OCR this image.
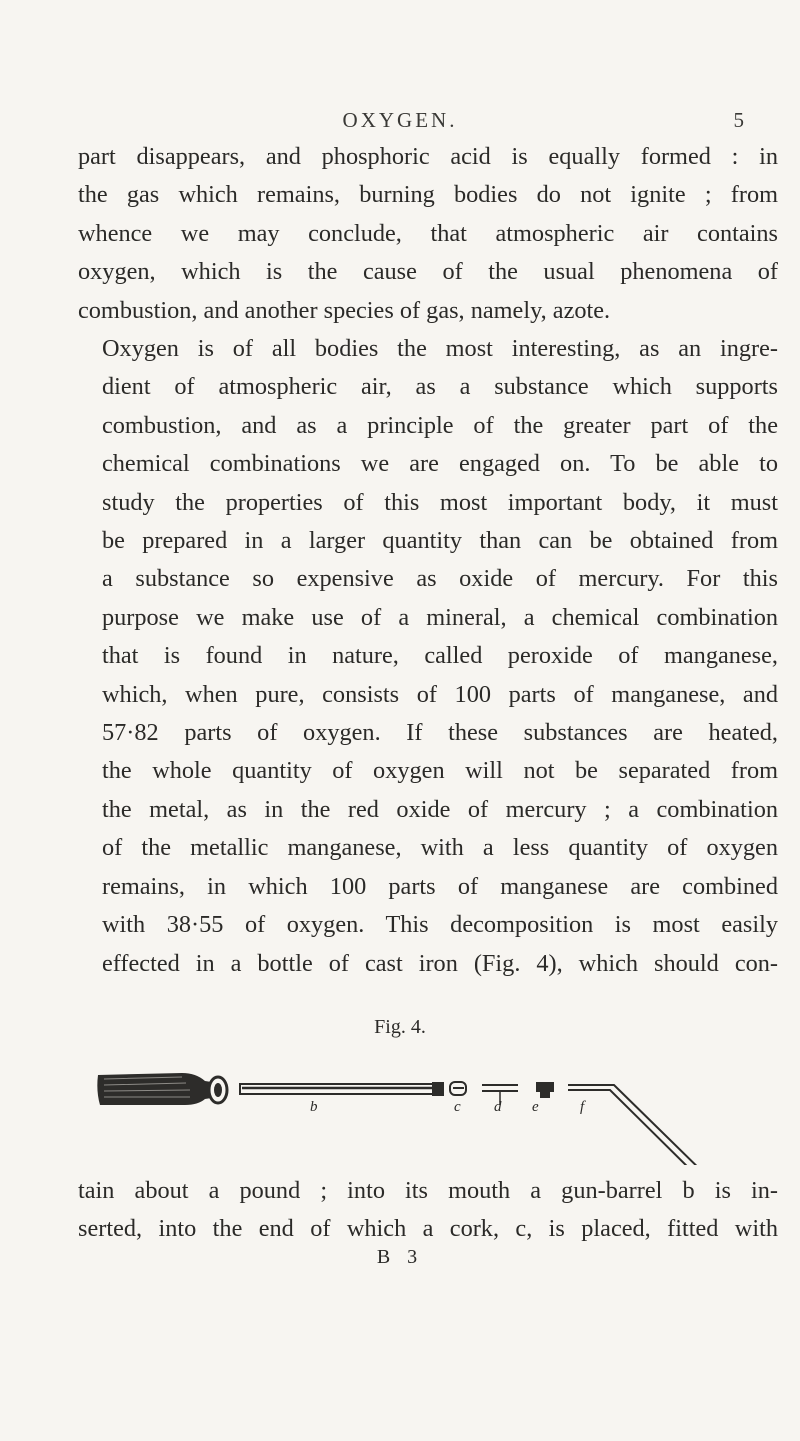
OXYGEN.	5

part disappears, and phosphoric acid is equally formed : in
the gas which remains, burning bodies do not ignite ; from
whence we may conclude, that atmospheric air contains
oxygen, which is the cause of the usual phenomena of
combustion, and another species of gas, namely, azote.

Oxygen is of all bodies the most interesting, as an ingre-
dient of atmospheric air, as a substance which supports
combustion, and as a principle of the greater part of the
chemical combinations we are engaged on. To be able to
study the properties of this most important body, it must
be prepared in a larger quantity than can be obtained from
a substance so expensive as oxide of mercury. For this
purpose we make use of a mineral, a chemical combination
that is found in nature, called peroxide of manganese,
which, when pure, consists of 100 parts of manganese, and
57·82 parts of oxygen. If these substances are heated,
the whole quantity of oxygen will not be separated from
the metal, as in the red oxide of mercury ; a combination
of the metallic manganese, with a less quantity of oxygen
remains, in which 100 parts of manganese are combined
with 38·55 of oxygen. This decomposition is most easily
effected in a bottle of cast iron (Fig. 4), which should con-

Fig. 4.
b	c d e	f

tain about a pound ; into its mouth a gun-barrel b is in-
serted, into the end of which a cork, c, is placed, fitted with

B 3
